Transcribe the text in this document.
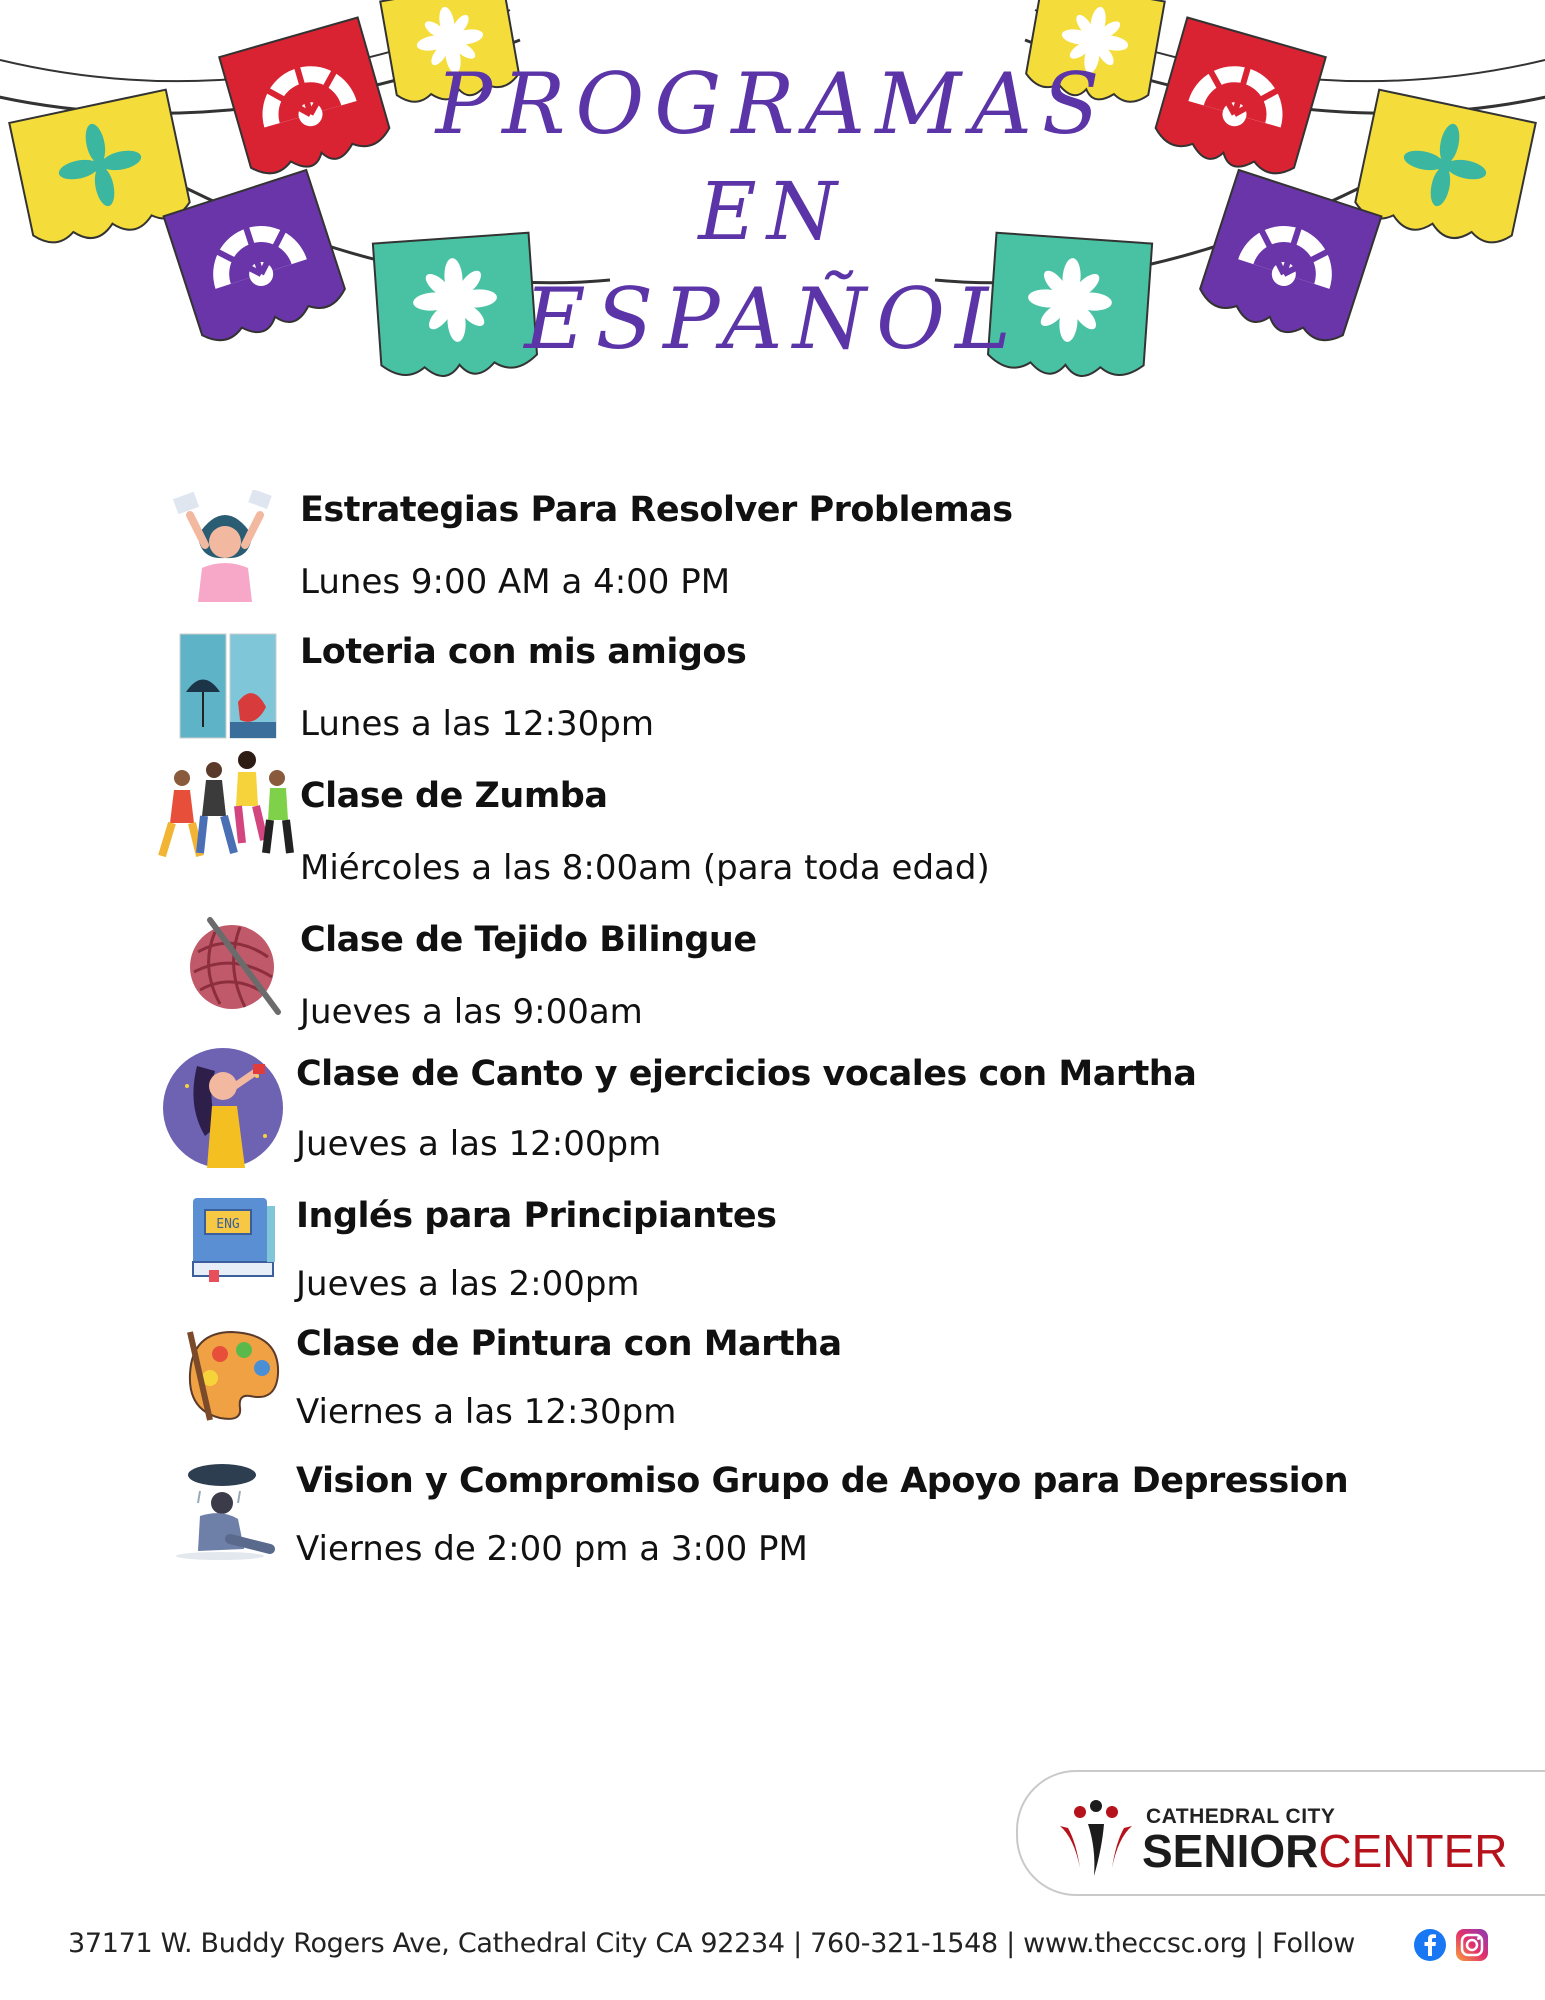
PROGRAMAS
EN
ESPAÑOL
Estrategias Para Resolver Problemas
Lunes 9:00 AM a 4:00 PM
Loteria con mis amigos
Lunes a las 12:30pm
Clase de Zumba
Miércoles a las 8:00am (para toda edad)
Clase de Tejido Bilingue
Jueves a las 9:00am
Clase de Canto y ejercicios vocales con Martha
Jueves a las 12:00pm
ENG Inglés para Principiantes
Jueves a las 2:00pm
Clase de Pintura con Martha
Viernes a las 12:30pm
Vision y Compromiso Grupo de Apoyo para Depression
Viernes de 2:00 pm a 3:00 PM
CATHEDRAL CITY
SENIORCENTER
37171 W. Buddy Rogers Ave, Cathedral City CA 92234 | 760-321-1548 | www.theccsc.org | Follow
